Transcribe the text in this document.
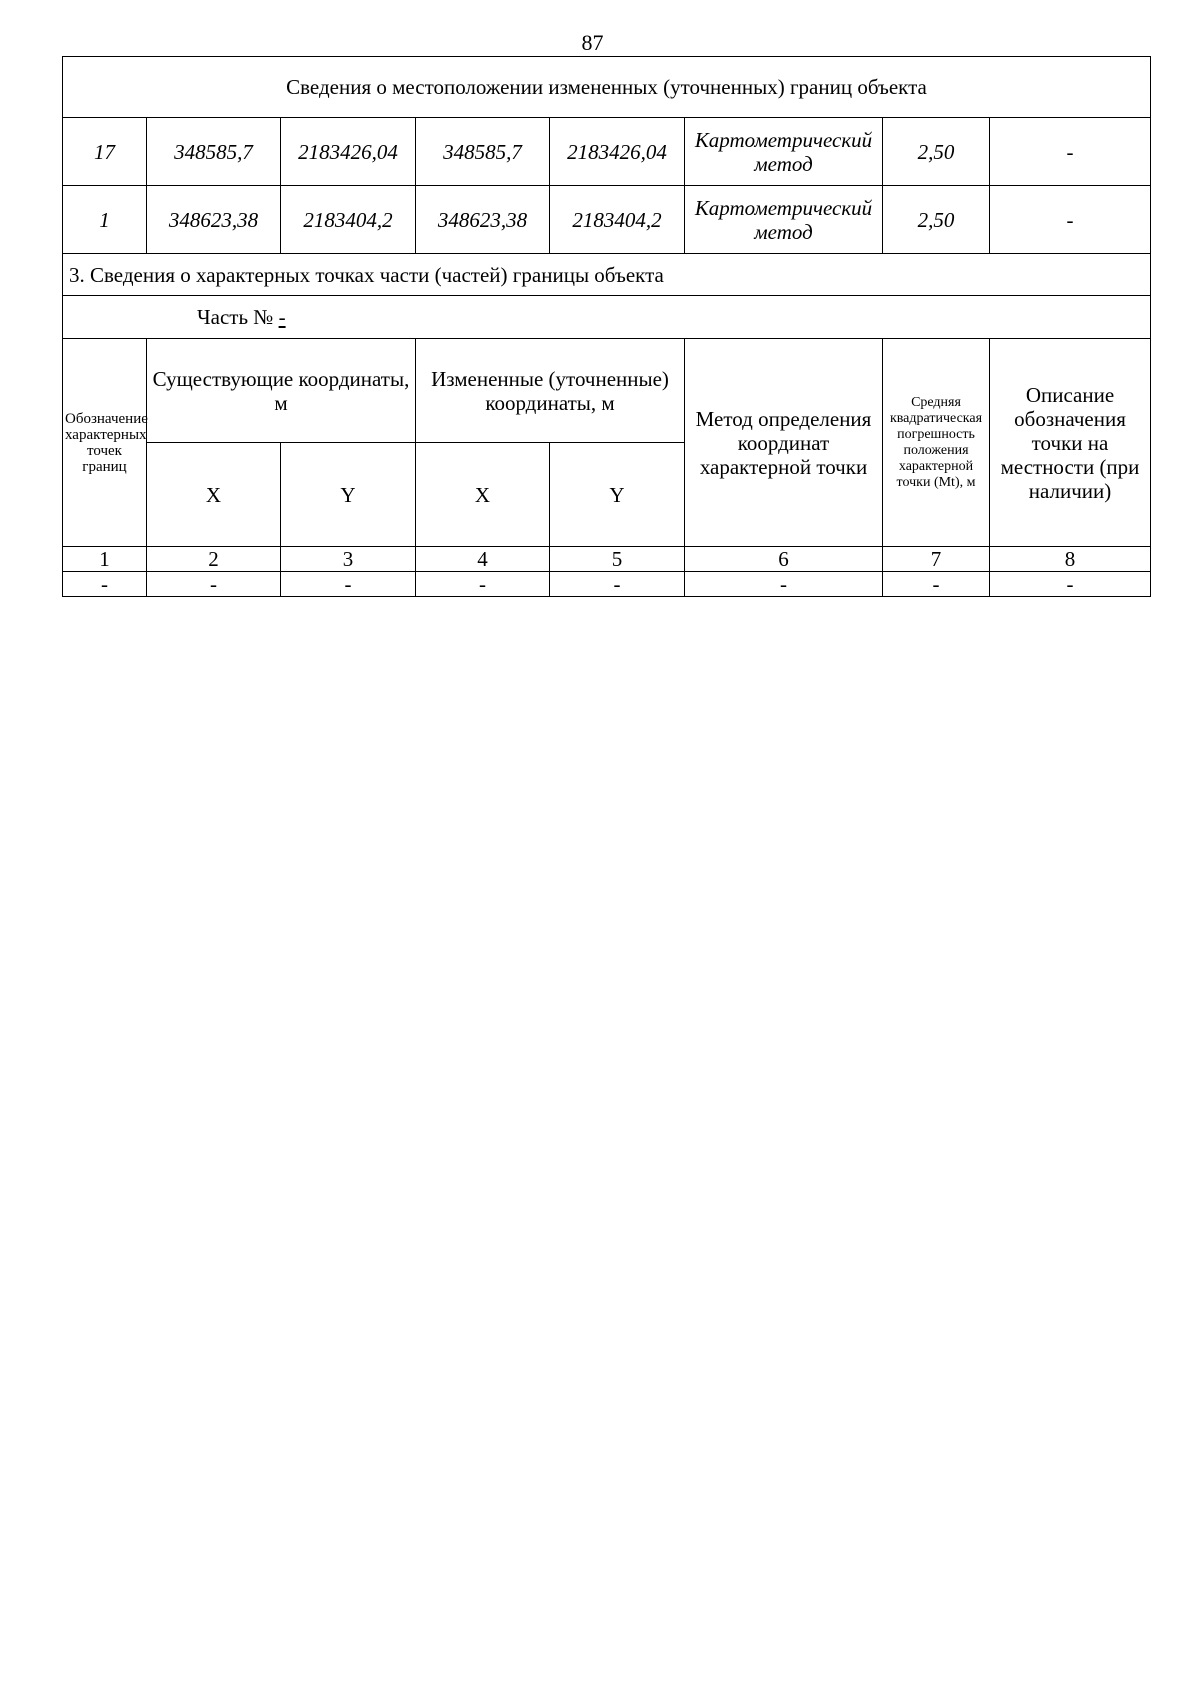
87
Сведения о местоположении измененных (уточненных) границ объекта							
17	348585,7	2183426,04	348585,7	2183426,04	Картометрический метод	2,50	-
1	348623,38	2183404,2	348623,38	2183404,2	Картометрический метод	2,50	-
3. Сведения о характерных точках части (частей) границы объекта							
Часть № -							
Обозначение характерных точек границ	Существующие координаты, м		Измененные (уточненные) координаты, м		Метод определения координат характерной точки	Средняя квадратическая погрешность положения характерной точки (Mt), м	Описание обозначения точки на местности (при наличии)
	X	Y	X	Y			
1	2	3	4	5	6	7	8
-	-	-	-	-	-	-	-
